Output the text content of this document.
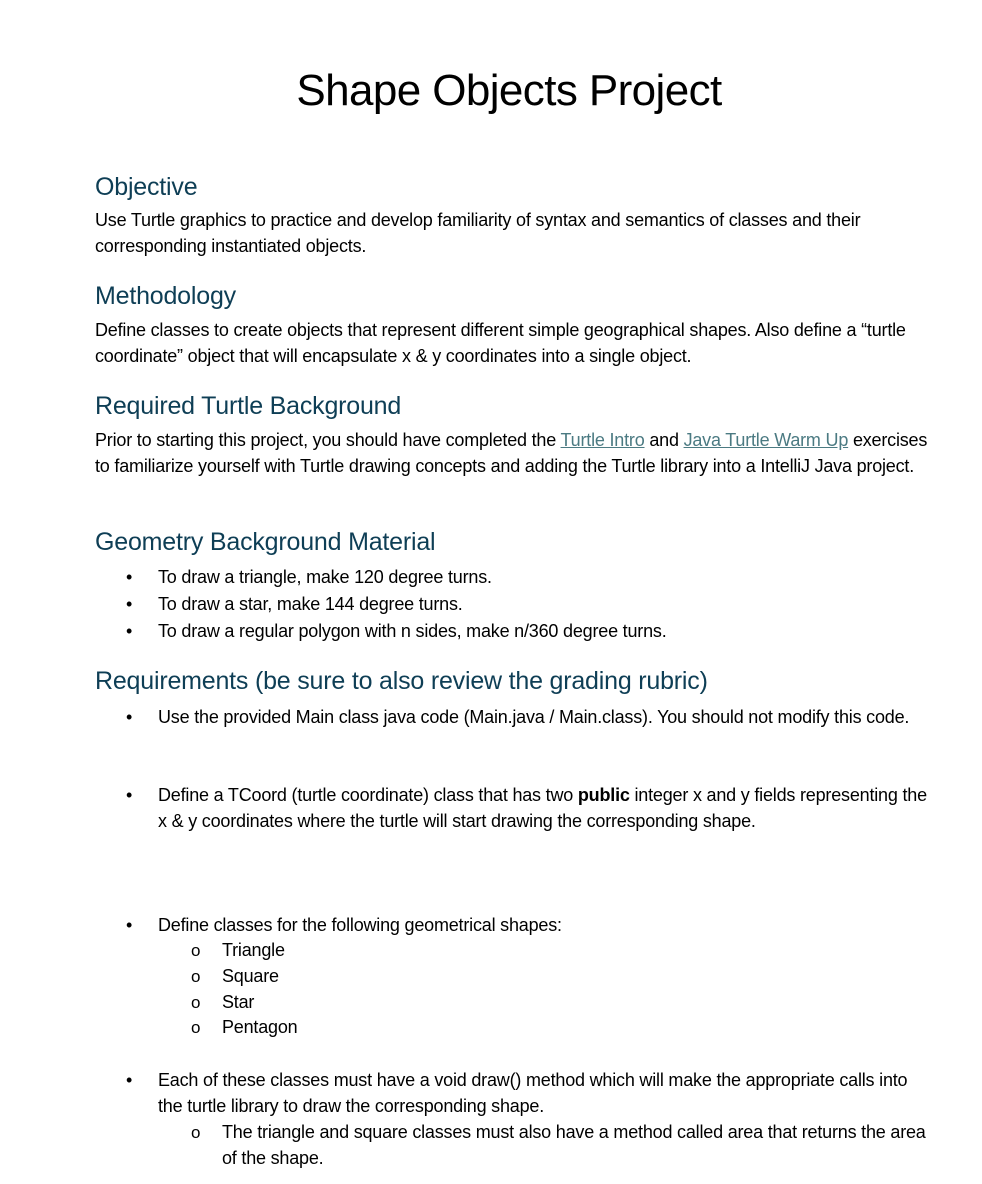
Shape Objects Project
Objective
Use Turtle graphics to practice and develop familiarity of syntax and semantics of classes and their corresponding instantiated objects.
Methodology
Define classes to create objects that represent different simple geographical shapes. Also define a “turtle coordinate” object that will encapsulate x & y coordinates into a single object.
Required Turtle Background
Prior to starting this project, you should have completed the Turtle Intro and Java Turtle Warm Up exercises to familiarize yourself with Turtle drawing concepts and adding the Turtle library into a IntelliJ Java project.
Geometry Background Material
• To draw a triangle, make 120 degree turns.
• To draw a star, make 144 degree turns.
• To draw a regular polygon with n sides, make n/360 degree turns.
Requirements (be sure to also review the grading rubric)
• Use the provided Main class java code (Main.java / Main.class). You should not modify this code.
• Define a TCoord (turtle coordinate) class that has two public integer x and y fields representing the x & y coordinates where the turtle will start drawing the corresponding shape.
• Define classes for the following geometrical shapes:
o Triangle
o Square
o Star
o Pentagon
• Each of these classes must have a void draw() method which will make the appropriate calls into the turtle library to draw the corresponding shape.
o The triangle and square classes must also have a method called area that returns the area of the shape.
